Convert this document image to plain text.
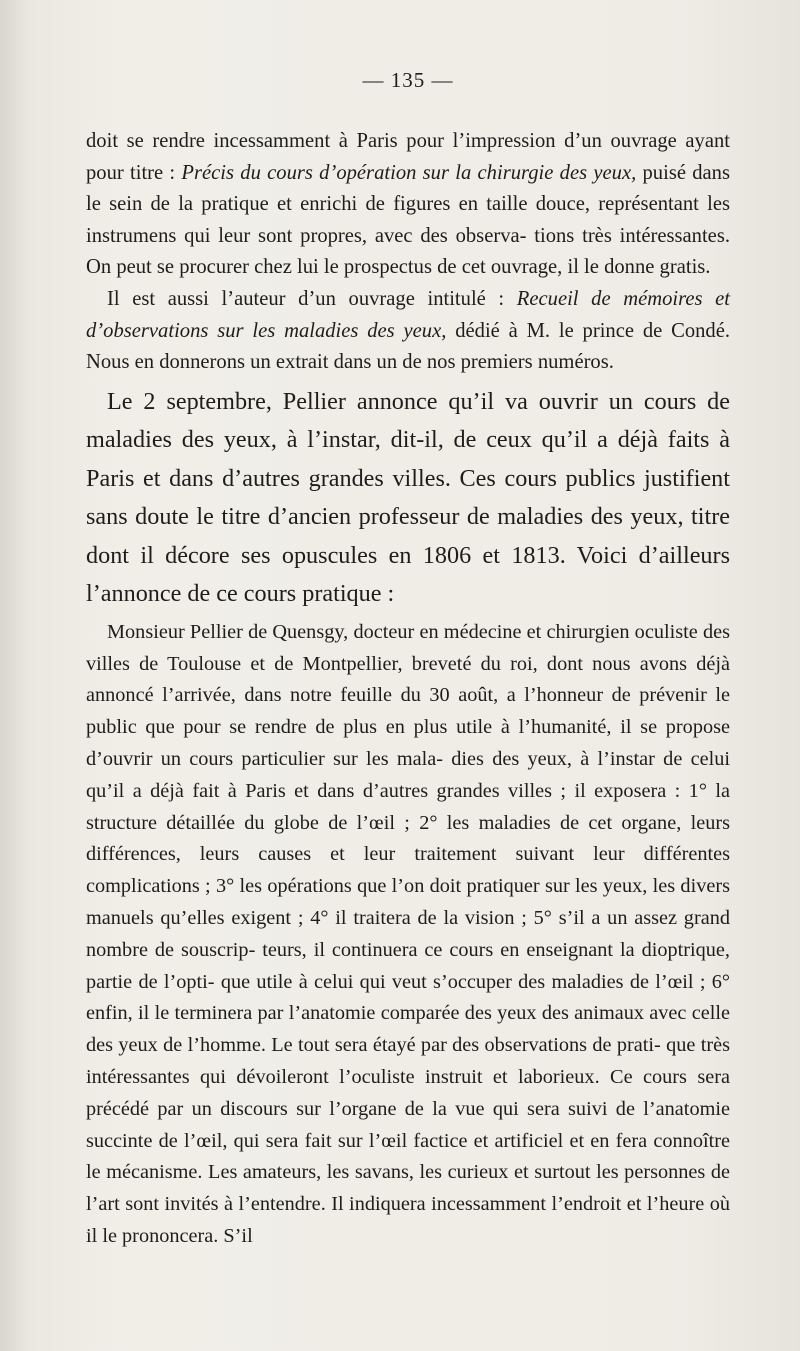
— 135 —

doit se rendre incessamment à Paris pour l’impression d’un ouvrage ayant pour titre : Précis du cours d’opération sur la chirurgie des yeux, puisé dans le sein de la pratique et enrichi de figures en taille douce, représentant les instrumens qui leur sont propres, avec des observa- tions très intéressantes. On peut se procurer chez lui le prospectus de cet ouvrage, il le donne gratis.

Il est aussi l’auteur d’un ouvrage intitulé : Recueil de mémoires et d’observations sur les maladies des yeux, dédié à M. le prince de Condé. Nous en donnerons un extrait dans un de nos premiers numéros.

Le 2 septembre, Pellier annonce qu’il va ouvrir un cours de maladies des yeux, à l’instar, dit-il, de ceux qu’il a déjà faits à Paris et dans d’autres grandes villes. Ces cours publics justifient sans doute le titre d’ancien professeur de maladies des yeux, titre dont il décore ses opuscules en 1806 et 1813. Voici d’ailleurs l’annonce de ce cours pratique :

Monsieur Pellier de Quensgy, docteur en médecine et chirurgien oculiste des villes de Toulouse et de Montpellier, breveté du roi, dont nous avons déjà annoncé l’arrivée, dans notre feuille du 30 août, a l’honneur de prévenir le public que pour se rendre de plus en plus utile à l’humanité, il se propose d’ouvrir un cours particulier sur les mala- dies des yeux, à l’instar de celui qu’il a déjà fait à Paris et dans d’autres grandes villes ; il exposera : 1° la structure détaillée du globe de l’œil ; 2° les maladies de cet organe, leurs différences, leurs causes et leur traitement suivant leur différentes complications ; 3° les opérations que l’on doit pratiquer sur les yeux, les divers manuels qu’elles exigent ; 4° il traitera de la vision ; 5° s’il a un assez grand nombre de souscrip- teurs, il continuera ce cours en enseignant la dioptrique, partie de l’opti- que utile à celui qui veut s’occuper des maladies de l’œil ; 6° enfin, il le terminera par l’anatomie comparée des yeux des animaux avec celle des yeux de l’homme. Le tout sera étayé par des observations de prati- que très intéressantes qui dévoileront l’oculiste instruit et laborieux. Ce cours sera précédé par un discours sur l’organe de la vue qui sera suivi de l’anatomie succinte de l’œil, qui sera fait sur l’œil factice et artificiel et en fera connoître le mécanisme. Les amateurs, les savans, les curieux et surtout les personnes de l’art sont invités à l’entendre. Il indiquera incessamment l’endroit et l’heure où il le prononcera. S’il
